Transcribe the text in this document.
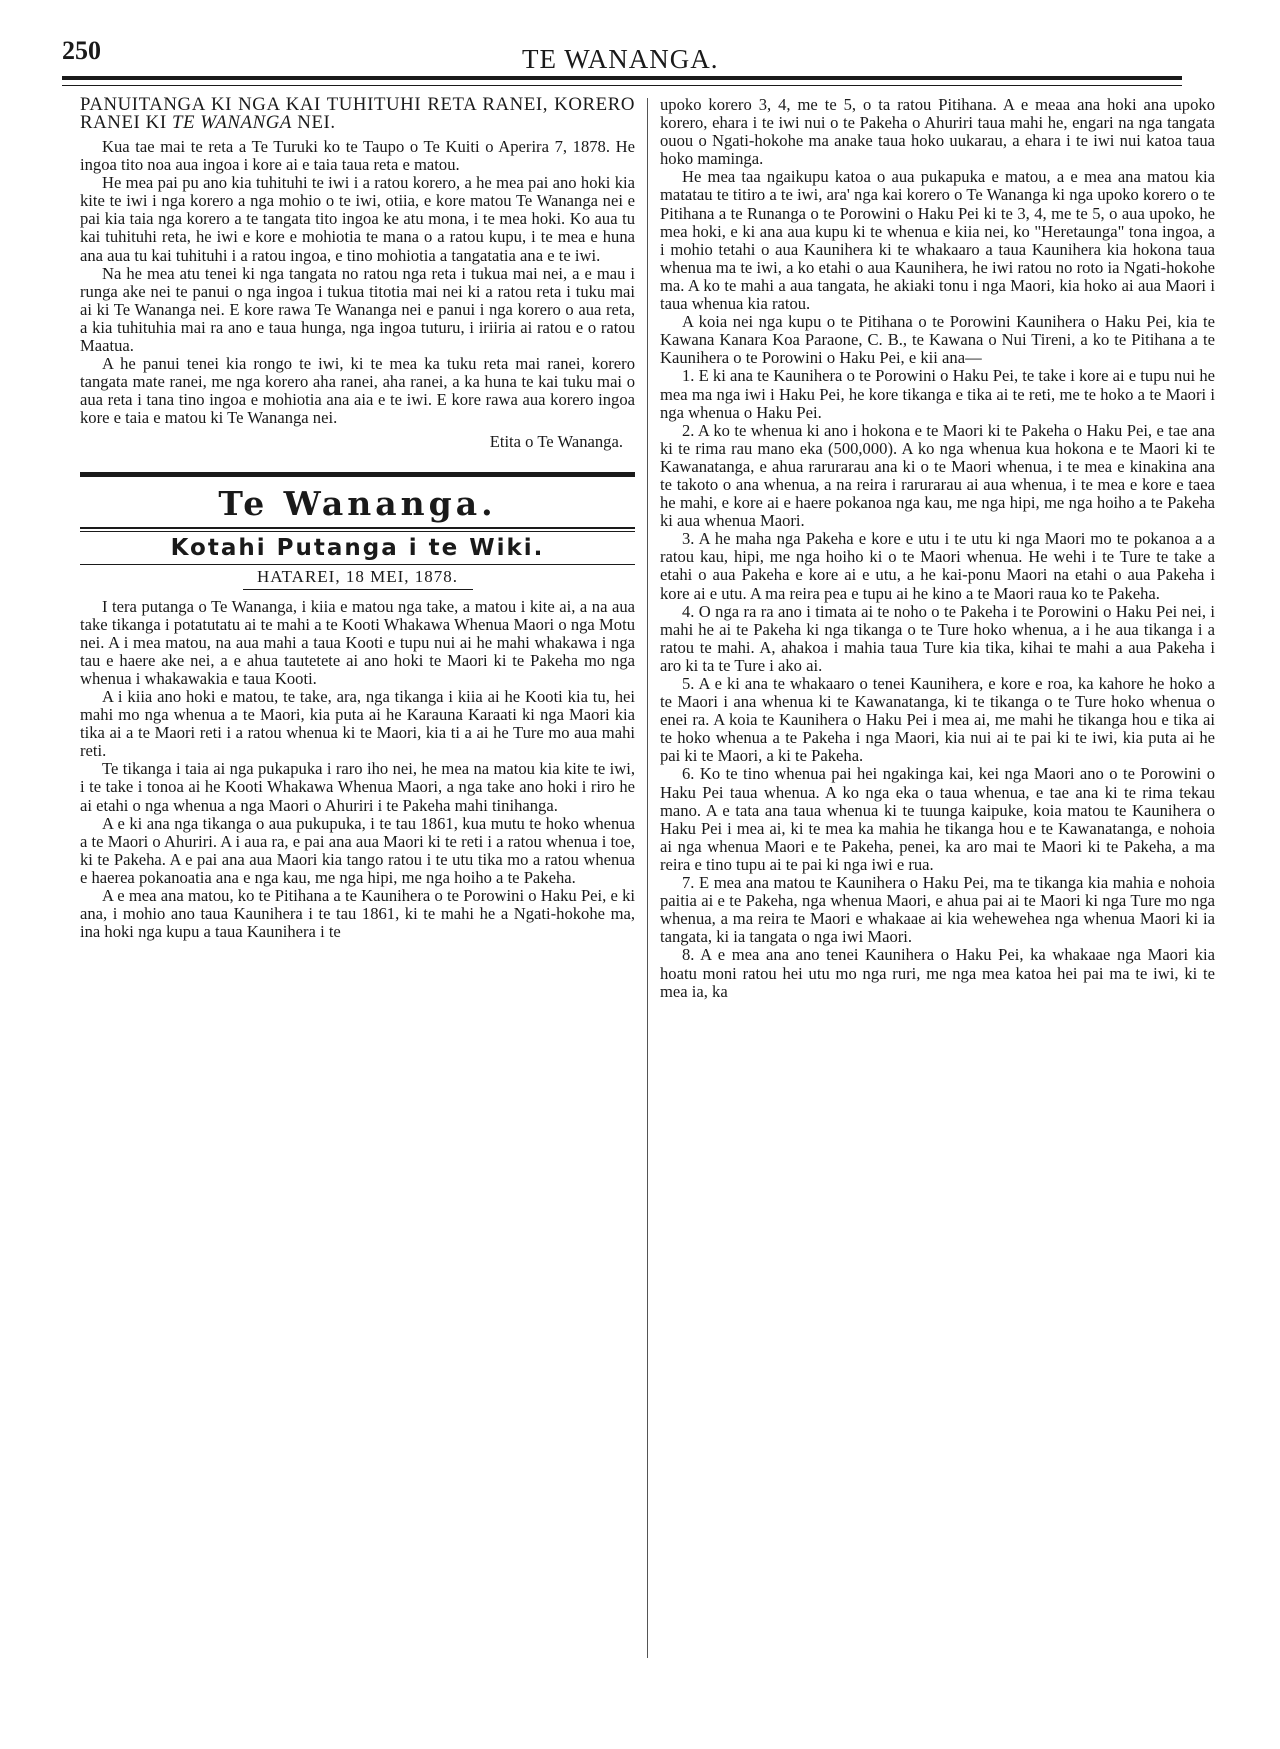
250	TE WANANGA.
PANUITANGA KI NGA KAI TUHITUHI RETA RANEI, KORERO RANEI KI TE WANANGA NEI.

Kua tae mai te reta a Te Turuki ko te Taupo o Te Kuiti o Aperira 7, 1878. He ingoa tito noa aua ingoa i kore ai e taia taua reta e matou.

He mea pai pu ano kia tuhituhi te iwi i a ratou korero, a he mea pai ano hoki kia kite te iwi i nga korero a nga mohio o te iwi, otiia, e kore matou Te Wananga nei e pai kia taia nga korero a te tangata tito ingoa ke atu mona, i te mea hoki. Ko aua tu kai tuhituhi reta, he iwi e kore e mohiotia te mana o a ratou kupu, i te mea e huna ana aua tu kai tuhituhi i a ratou ingoa, e tino mohiotia a tangatatia ana e te iwi.

Na he mea atu tenei ki nga tangata no ratou nga reta i tukua mai nei, a e mau i runga ake nei te panui o nga ingoa i tukua titotia mai nei ki a ratou reta i tuku mai ai ki Te Wananga nei. E kore rawa Te Wananga nei e panui i nga korero o aua reta, a kia tuhituhia mai ra ano e taua hunga, nga ingoa tuturu, i iriiria ai ratou e o ratou Maatua.

A he panui tenei kia rongo te iwi, ki te mea ka tuku reta mai ranei, korero tangata mate ranei, me nga korero aha ranei, aha ranei, a ka huna te kai tuku mai o aua reta i tana tino ingoa e mohiotia ana aia e te iwi. E kore rawa aua korero ingoa kore e taia e matou ki Te Wananga nei.

Etita o Te Wananga.
Te Wananga.
Kotahi Putanga i te Wiki.
HATAREI, 18 MEI, 1878.

I tera putanga o Te Wananga, i kiia e matou nga take, a matou i kite ai, a na aua take tikanga i potatutatu ai te mahi a te Kooti Whakawa Whenua Maori o nga Motu nei. A i mea matou, na aua mahi a taua Kooti e tupu nui ai he mahi whakawa i nga tau e haere ake nei, a e ahua tautetete ai ano hoki te Maori ki te Pakeha mo nga whenua i whakawakia e taua Kooti.

A i kiia ano hoki e matou, te take, ara, nga tikanga i kiia ai he Kooti kia tu, hei mahi mo nga whenua a te Maori, kia puta ai he Karauna Karaati ki nga Maori kia tika ai a te Maori reti i a ratou whenua ki te Maori, kia ti a ai he Ture mo aua mahi reti.

Te tikanga i taia ai nga pukapuka i raro iho nei, he mea na matou kia kite te iwi, i te take i tonoa ai he Kooti Whakawa Whenua Maori, a nga take ano hoki i riro he ai etahi o nga whenua a nga Maori o Ahuriri i te Pakeha mahi tinihanga.

A e ki ana nga tikanga o aua pukupuka, i te tau 1861, kua mutu te hoko whenua a te Maori o Ahuriri. A i aua ra, e pai ana aua Maori ki te reti i a ratou whenua i toe, ki te Pakeha. A e pai ana aua Maori kia tango ratou i te utu tika mo a ratou whenua e haerea pokanoatia ana e nga kau, me nga hipi, me nga hoiho a te Pakeha.

A e mea ana matou, ko te Pitihana a te Kaunihera o te Porowini o Haku Pei, e ki ana, i mohio ano taua Kaunihera i te tau 1861, ki te mahi he a Ngati-hokohe ma, ina hoki nga kupu a taua Kaunihera i te

upoko korero 3, 4, me te 5, o ta ratou Pitihana. A e meaa ana hoki ana upoko korero, ehara i te iwi nui o te Pakeha o Ahuriri taua mahi he, engari na nga tangata ouou o Ngati-hokohe ma anake taua hoko uukarau, a ehara i te iwi nui katoa taua hoko maminga.

He mea taa ngaikupu katoa o aua pukapuka e matou, a e mea ana matou kia matatau te titiro a te iwi, ara' nga kai korero o Te Wananga ki nga upoko korero o te Pitihana a te Runanga o te Porowini o Haku Pei ki te 3, 4, me te 5, o aua upoko, he mea hoki, e ki ana aua kupu ki te whenua e kiia nei, ko "Heretaunga" tona ingoa, a i mohio tetahi o aua Kaunihera ki te whakaaro a taua Kaunihera kia hokona taua whenua ma te iwi, a ko etahi o aua Kaunihera, he iwi ratou no roto ia Ngati-hokohe ma. A ko te mahi a aua tangata, he akiaki tonu i nga Maori, kia hoko ai aua Maori i taua whenua kia ratou.

A koia nei nga kupu o te Pitihana o te Porowini Kaunihera o Haku Pei, kia te Kawana Kanara Koa Paraone, C. B., te Kawana o Nui Tireni, a ko te Pitihana a te Kaunihera o te Porowini o Haku Pei, e kii ana—

1. E ki ana te Kaunihera o te Porowini o Haku Pei, te take i kore ai e tupu nui he mea ma nga iwi i Haku Pei, he kore tikanga e tika ai te reti, me te hoko a te Maori i nga whenua o Haku Pei.

2. A ko te whenua ki ano i hokona e te Maori ki te Pakeha o Haku Pei, e tae ana ki te rima rau mano eka (500,000). A ko nga whenua kua hokona e te Maori ki te Kawanatanga, e ahua rarurarau ana ki o te Maori whenua, i te mea e kinakina ana te takoto o ana whenua, a na reira i rarurarau ai aua whenua, i te mea e kore e taea he mahi, e kore ai e haere pokanoa nga kau, me nga hipi, me nga hoiho a te Pakeha ki aua whenua Maori.

3. A he maha nga Pakeha e kore e utu i te utu ki nga Maori mo te pokanoa a a ratou kau, hipi, me nga hoiho ki o te Maori whenua. He wehi i te Ture te take a etahi o aua Pakeha e kore ai e utu, a he kai-ponu Maori na etahi o aua Pakeha i kore ai e utu. A ma reira pea e tupu ai he kino a te Maori raua ko te Pakeha.

4. O nga ra ra ano i timata ai te noho o te Pakeha i te Porowini o Haku Pei nei, i mahi he ai te Pakeha ki nga tikanga o te Ture hoko whenua, a i he aua tikanga i a ratou te mahi. A, ahakoa i mahia taua Ture kia tika, kihai te mahi a aua Pakeha i aro ki ta te Ture i ako ai.

5. A e ki ana te whakaaro o tenei Kaunihera, e kore e roa, ka kahore he hoko a te Maori i ana whenua ki te Kawanatanga, ki te tikanga o te Ture hoko whenua o enei ra. A koia te Kaunihera o Haku Pei i mea ai, me mahi he tikanga hou e tika ai te hoko whenua a te Pakeha i nga Maori, kia nui ai te pai ki te iwi, kia puta ai he pai ki te Maori, a ki te Pakeha.

6. Ko te tino whenua pai hei ngakinga kai, kei nga Maori ano o te Porowini o Haku Pei taua whenua. A ko nga eka o taua whenua, e tae ana ki te rima tekau mano. A e tata ana taua whenua ki te tuunga kaipuke, koia matou te Kaunihera o Haku Pei i mea ai, ki te mea ka mahia he tikanga hou e te Kawanatanga, e nohoia ai nga whenua Maori e te Pakeha, penei, ka aro mai te Maori ki te Pakeha, a ma reira e tino tupu ai te pai ki nga iwi e rua.

7. E mea ana matou te Kaunihera o Haku Pei, ma te tikanga kia mahia e nohoia paitia ai e te Pakeha, nga whenua Maori, e ahua pai ai te Maori ki nga Ture mo nga whenua, a ma reira te Maori e whakaae ai kia wehewehea nga whenua Maori ki ia tangata, ki ia tangata o nga iwi Maori.

8. A e mea ana ano tenei Kaunihera o Haku Pei, ka whakaae nga Maori kia hoatu moni ratou hei utu mo nga ruri, me nga mea katoa hei pai ma te iwi, ki te mea ia, ka
